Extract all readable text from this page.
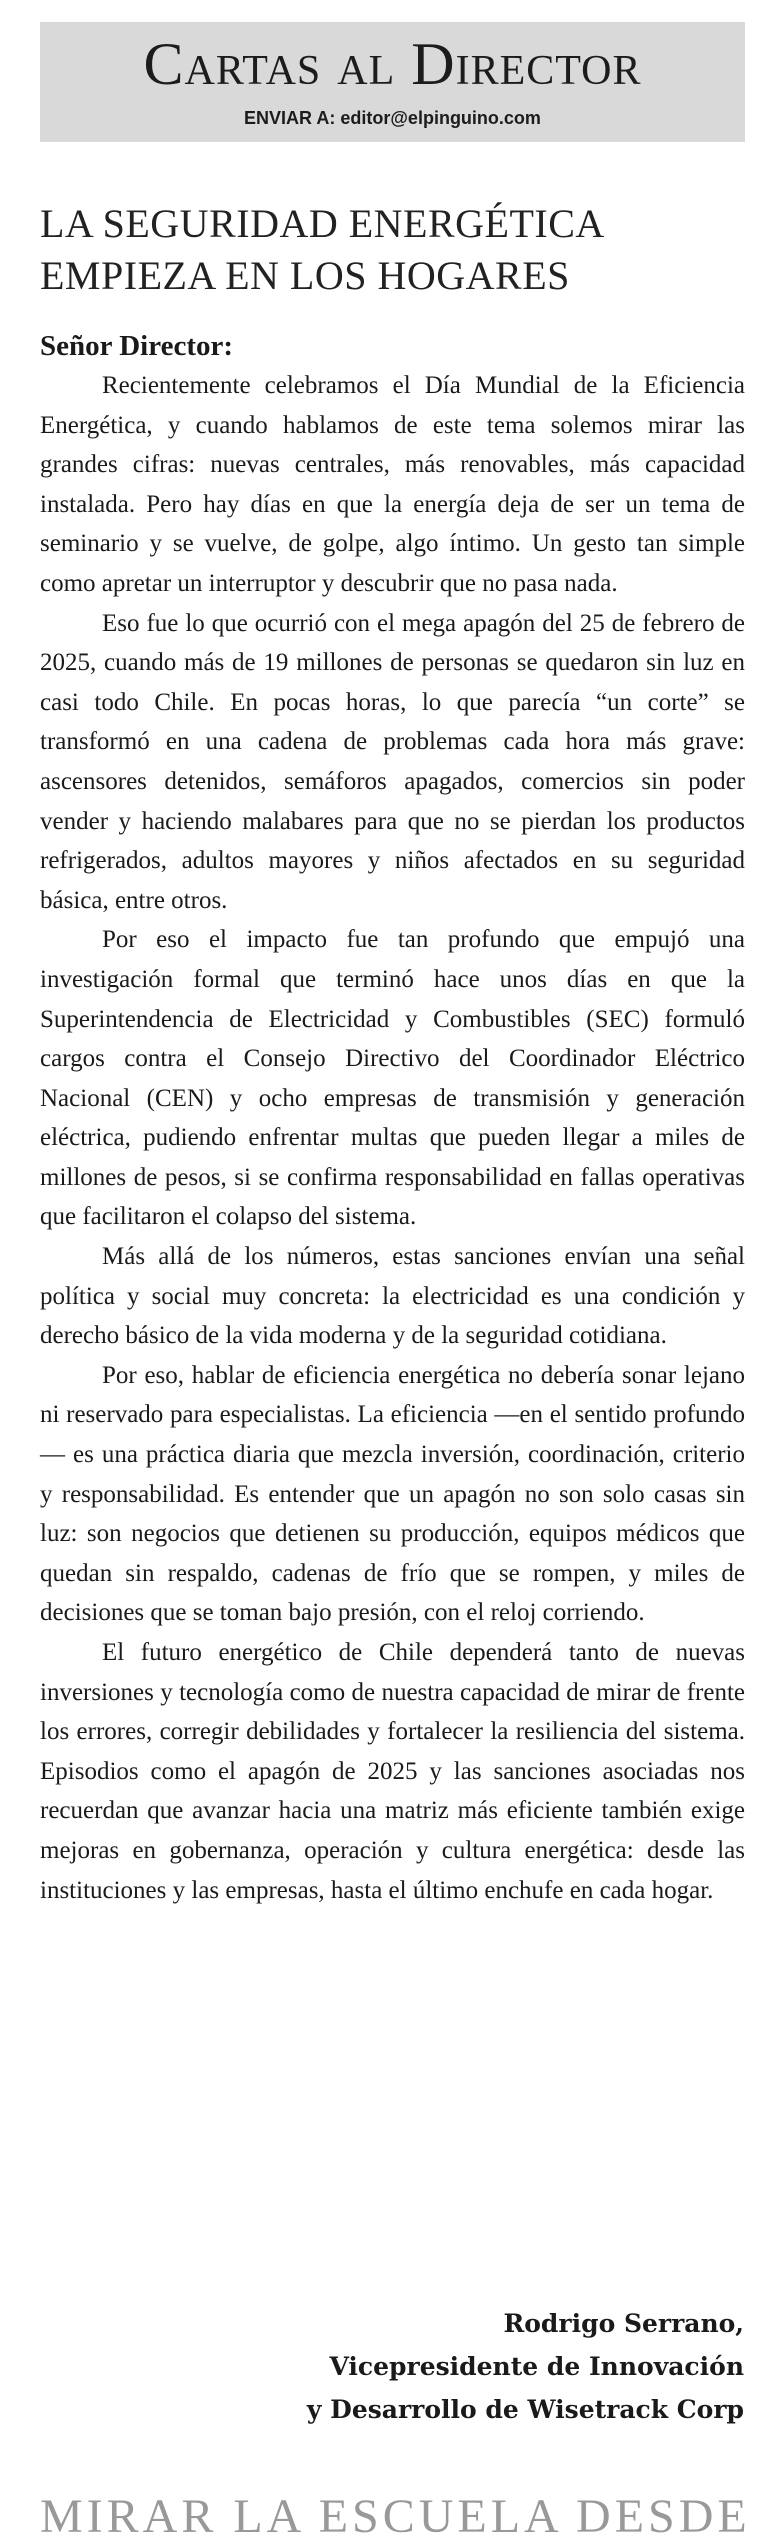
Cartas al Director
ENVIAR A: editor@elpinguino.com
LA SEGURIDAD ENERGÉTICA EMPIEZA EN LOS HOGARES
Señor Director:

Recientemente celebramos el Día Mundial de la Eficiencia Energética, y cuando hablamos de este tema solemos mirar las grandes cifras: nuevas centrales, más renovables, más capacidad instalada. Pero hay días en que la energía deja de ser un tema de seminario y se vuelve, de golpe, algo íntimo. Un gesto tan simple como apretar un interruptor y descubrir que no pasa nada.

Eso fue lo que ocurrió con el mega apagón del 25 de febrero de 2025, cuando más de 19 millones de personas se quedaron sin luz en casi todo Chile. En pocas horas, lo que parecía “un corte” se transformó en una cadena de problemas cada hora más grave: ascensores detenidos, semáforos apagados, comercios sin poder vender y haciendo malabares para que no se pierdan los productos refrigerados, adultos mayores y niños afectados en su seguridad básica, entre otros.

Por eso el impacto fue tan profundo que empujó una investigación formal que terminó hace unos días en que la Superintendencia de Electricidad y Combustibles (SEC) formuló cargos contra el Consejo Directivo del Coordinador Eléctrico Nacional (CEN) y ocho empresas de transmisión y generación eléctrica, pudiendo enfrentar multas que pueden llegar a miles de millones de pesos, si se confirma responsabilidad en fallas operativas que facilitaron el colapso del sistema.

Más allá de los números, estas sanciones envían una señal política y social muy concreta: la electricidad es una condición y derecho básico de la vida moderna y de la seguridad cotidiana.

Por eso, hablar de eficiencia energética no debería sonar lejano ni reservado para especialistas. La eficiencia —en el sentido profundo— es una práctica diaria que mezcla inversión, coordinación, criterio y responsabilidad. Es entender que un apagón no son solo casas sin luz: son negocios que detienen su producción, equipos médicos que quedan sin respaldo, cadenas de frío que se rompen, y miles de decisiones que se toman bajo presión, con el reloj corriendo.

El futuro energético de Chile dependerá tanto de nuevas inversiones y tecnología como de nuestra capacidad de mirar de frente los errores, corregir debilidades y fortalecer la resiliencia del sistema. Episodios como el apagón de 2025 y las sanciones asociadas nos recuerdan que avanzar hacia una matriz más eficiente también exige mejoras en gobernanza, operación y cultura energética: desde las instituciones y las empresas, hasta el último enchufe en cada hogar.

Rodrigo Serrano,
Vicepresidente de Innovación
y Desarrollo de Wisetrack Corp
MIRAR LA ESCUELA DESDE
